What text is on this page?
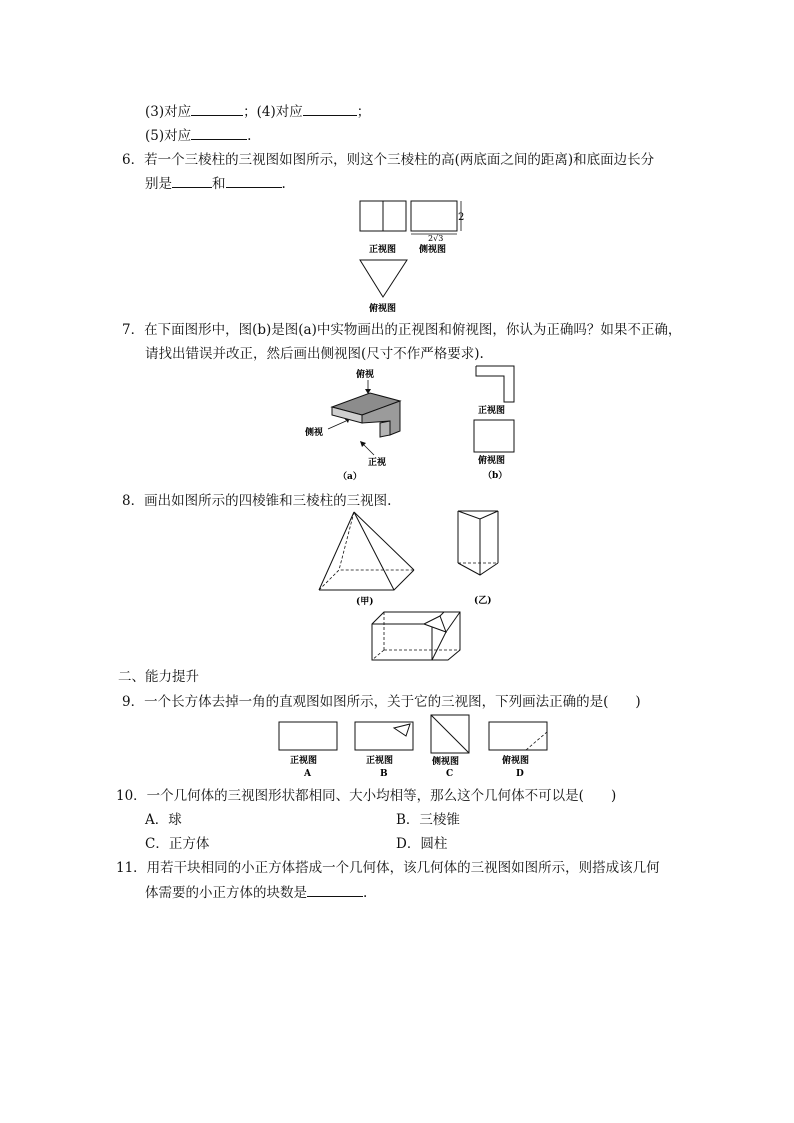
(3)对应	；(4)对应	；
(5)对应	.
6．若一个三棱柱的三视图如图所示，则这个三棱柱的高(两底面之间的距离)和底面边长分
别是	和	.
2
2√3
正视图	侧视图
俯视图
7．在下面图形中，图(b)是图(a)中实物画出的正视图和俯视图，你认为正确吗？如果不正确，
请找出错误并改正，然后画出侧视图(尺寸不作严格要求).
俯视
侧视
正视
（a）
正视图
俯视图
（b）
8．画出如图所示的四棱锥和三棱柱的三视图.
(甲)	(乙)
二、能力提升
9．一个长方体去掉一角的直观图如图所示，关于它的三视图，下列画法正确的是(　　)
正视图
A
正视图
B
侧视图
C
俯视图
D
10．一个几何体的三视图形状都相同、大小均相等，那么这个几何体不可以是(　　)
A．球	B．三棱锥
C．正方体	D．圆柱
11．用若干块相同的小正方体搭成一个几何体，该几何体的三视图如图所示，则搭成该几何
体需要的小正方体的块数是	.
